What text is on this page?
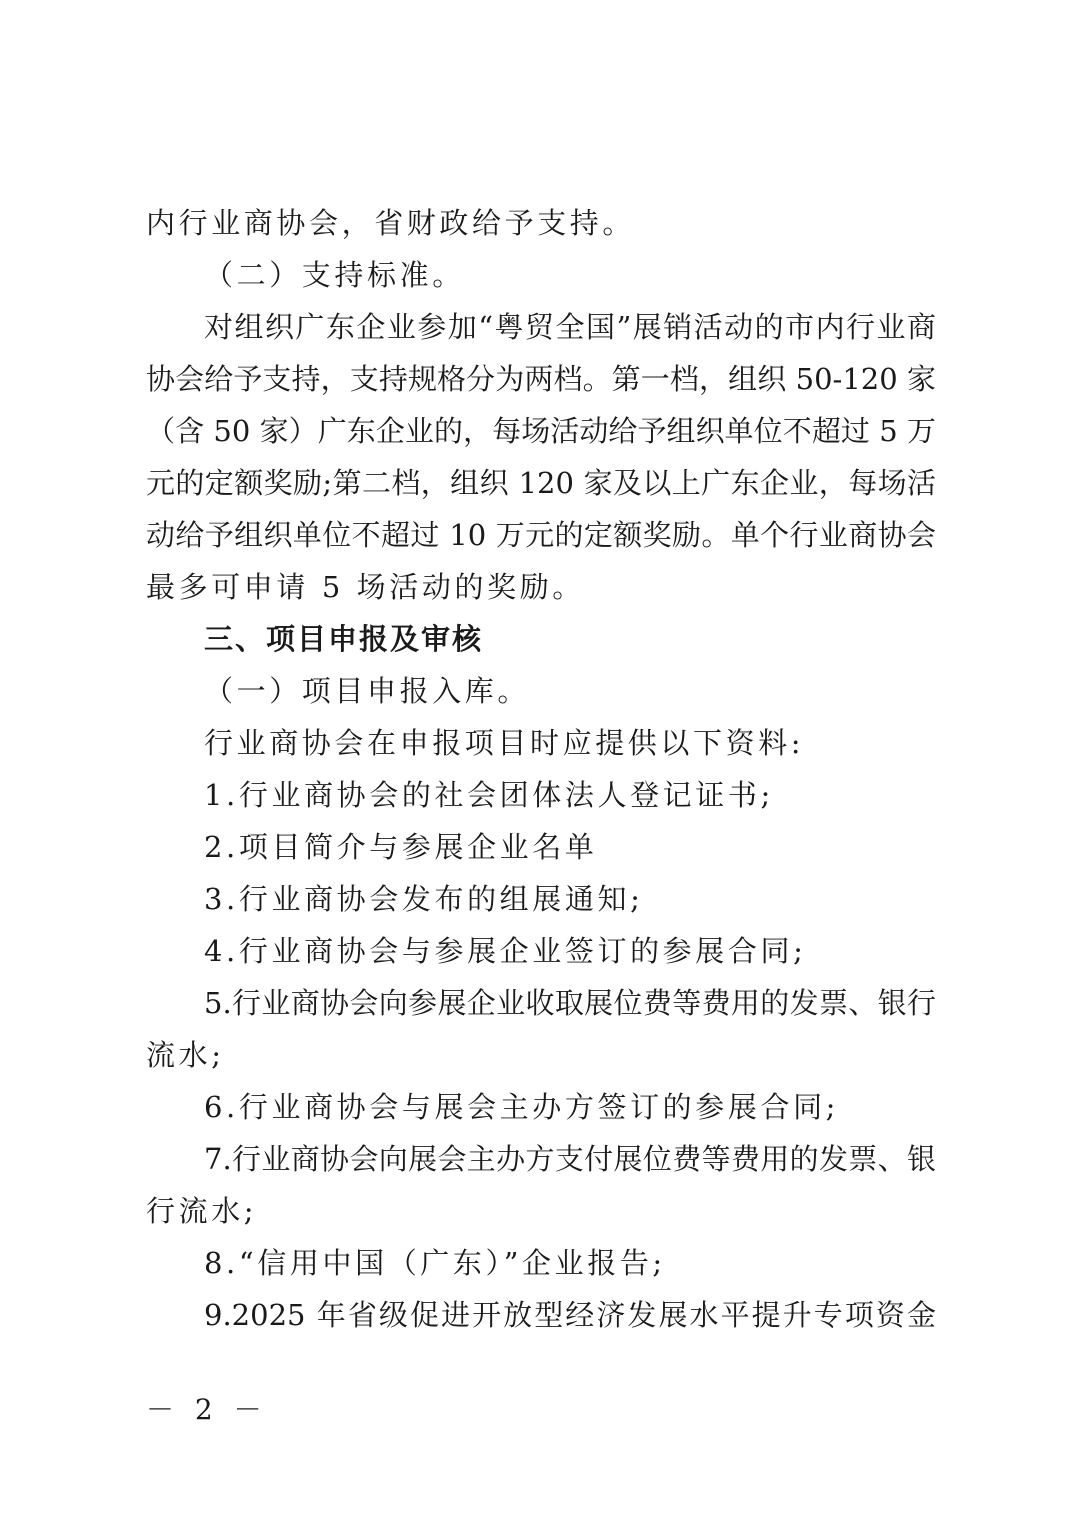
内行业商协会，省财政给予支持。
（二）支持标准。
对组织广东企业参加“粤贸全国”展销活动的市内行业商
协会给予支持，支持规格分为两档。第一档，组织 50-120 家
（含 50 家）广东企业的，每场活动给予组织单位不超过 5 万
元的定额奖励;第二档，组织 120 家及以上广东企业，每场活
动给予组织单位不超过 10 万元的定额奖励。单个行业商协会
最多可申请 5 场活动的奖励。
三、项目申报及审核
（一）项目申报入库。
行业商协会在申报项目时应提供以下资料:
1.行业商协会的社会团体法人登记证书;
2.项目简介与参展企业名单
3.行业商协会发布的组展通知;
4.行业商协会与参展企业签订的参展合同;
5.行业商协会向参展企业收取展位费等费用的发票、银行
流水;
6.行业商协会与展会主办方签订的参展合同;
7.行业商协会向展会主办方支付展位费等费用的发票、银
行流水;
8.“信用中国（广东）”企业报告;
9.2025 年省级促进开放型经济发展水平提升专项资金
－ 2 －
